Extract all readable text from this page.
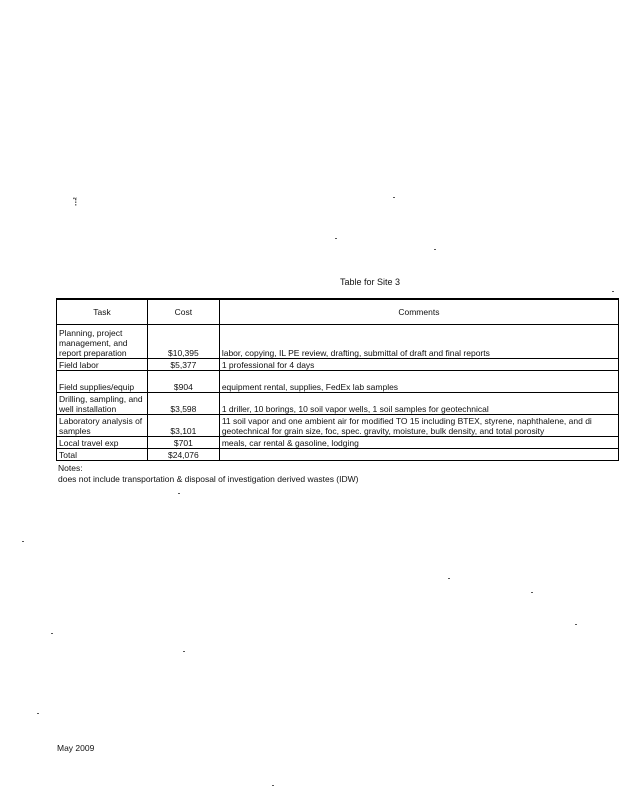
⁝͂
Table for Site 3
Task	Cost	Comments
Planning, project management, and report preparation	$10,395	labor, copying, IL PE review, drafting, submittal of draft and final reports
Field labor	$5,377	1 professional for 4 days
Field supplies/equip	$904	equipment rental, supplies, FedEx lab samples
Drilling, sampling, and well installation	$3,598	1 driller, 10 borings, 10 soil vapor wells, 1 soil samples for geotechnical
Laboratory analysis of samples	$3,101	11 soil vapor and one ambient air for modified TO 15 including BTEX, styrene, naphthalene, and di geotechnical for grain size, foc, spec. gravity, moisture, bulk density, and total porosity
Local travel exp	$701	meals, car rental & gasoline, lodging
Total	$24,076	
Notes:
does not include transportation & disposal of investigation derived wastes (IDW)
May 2009
